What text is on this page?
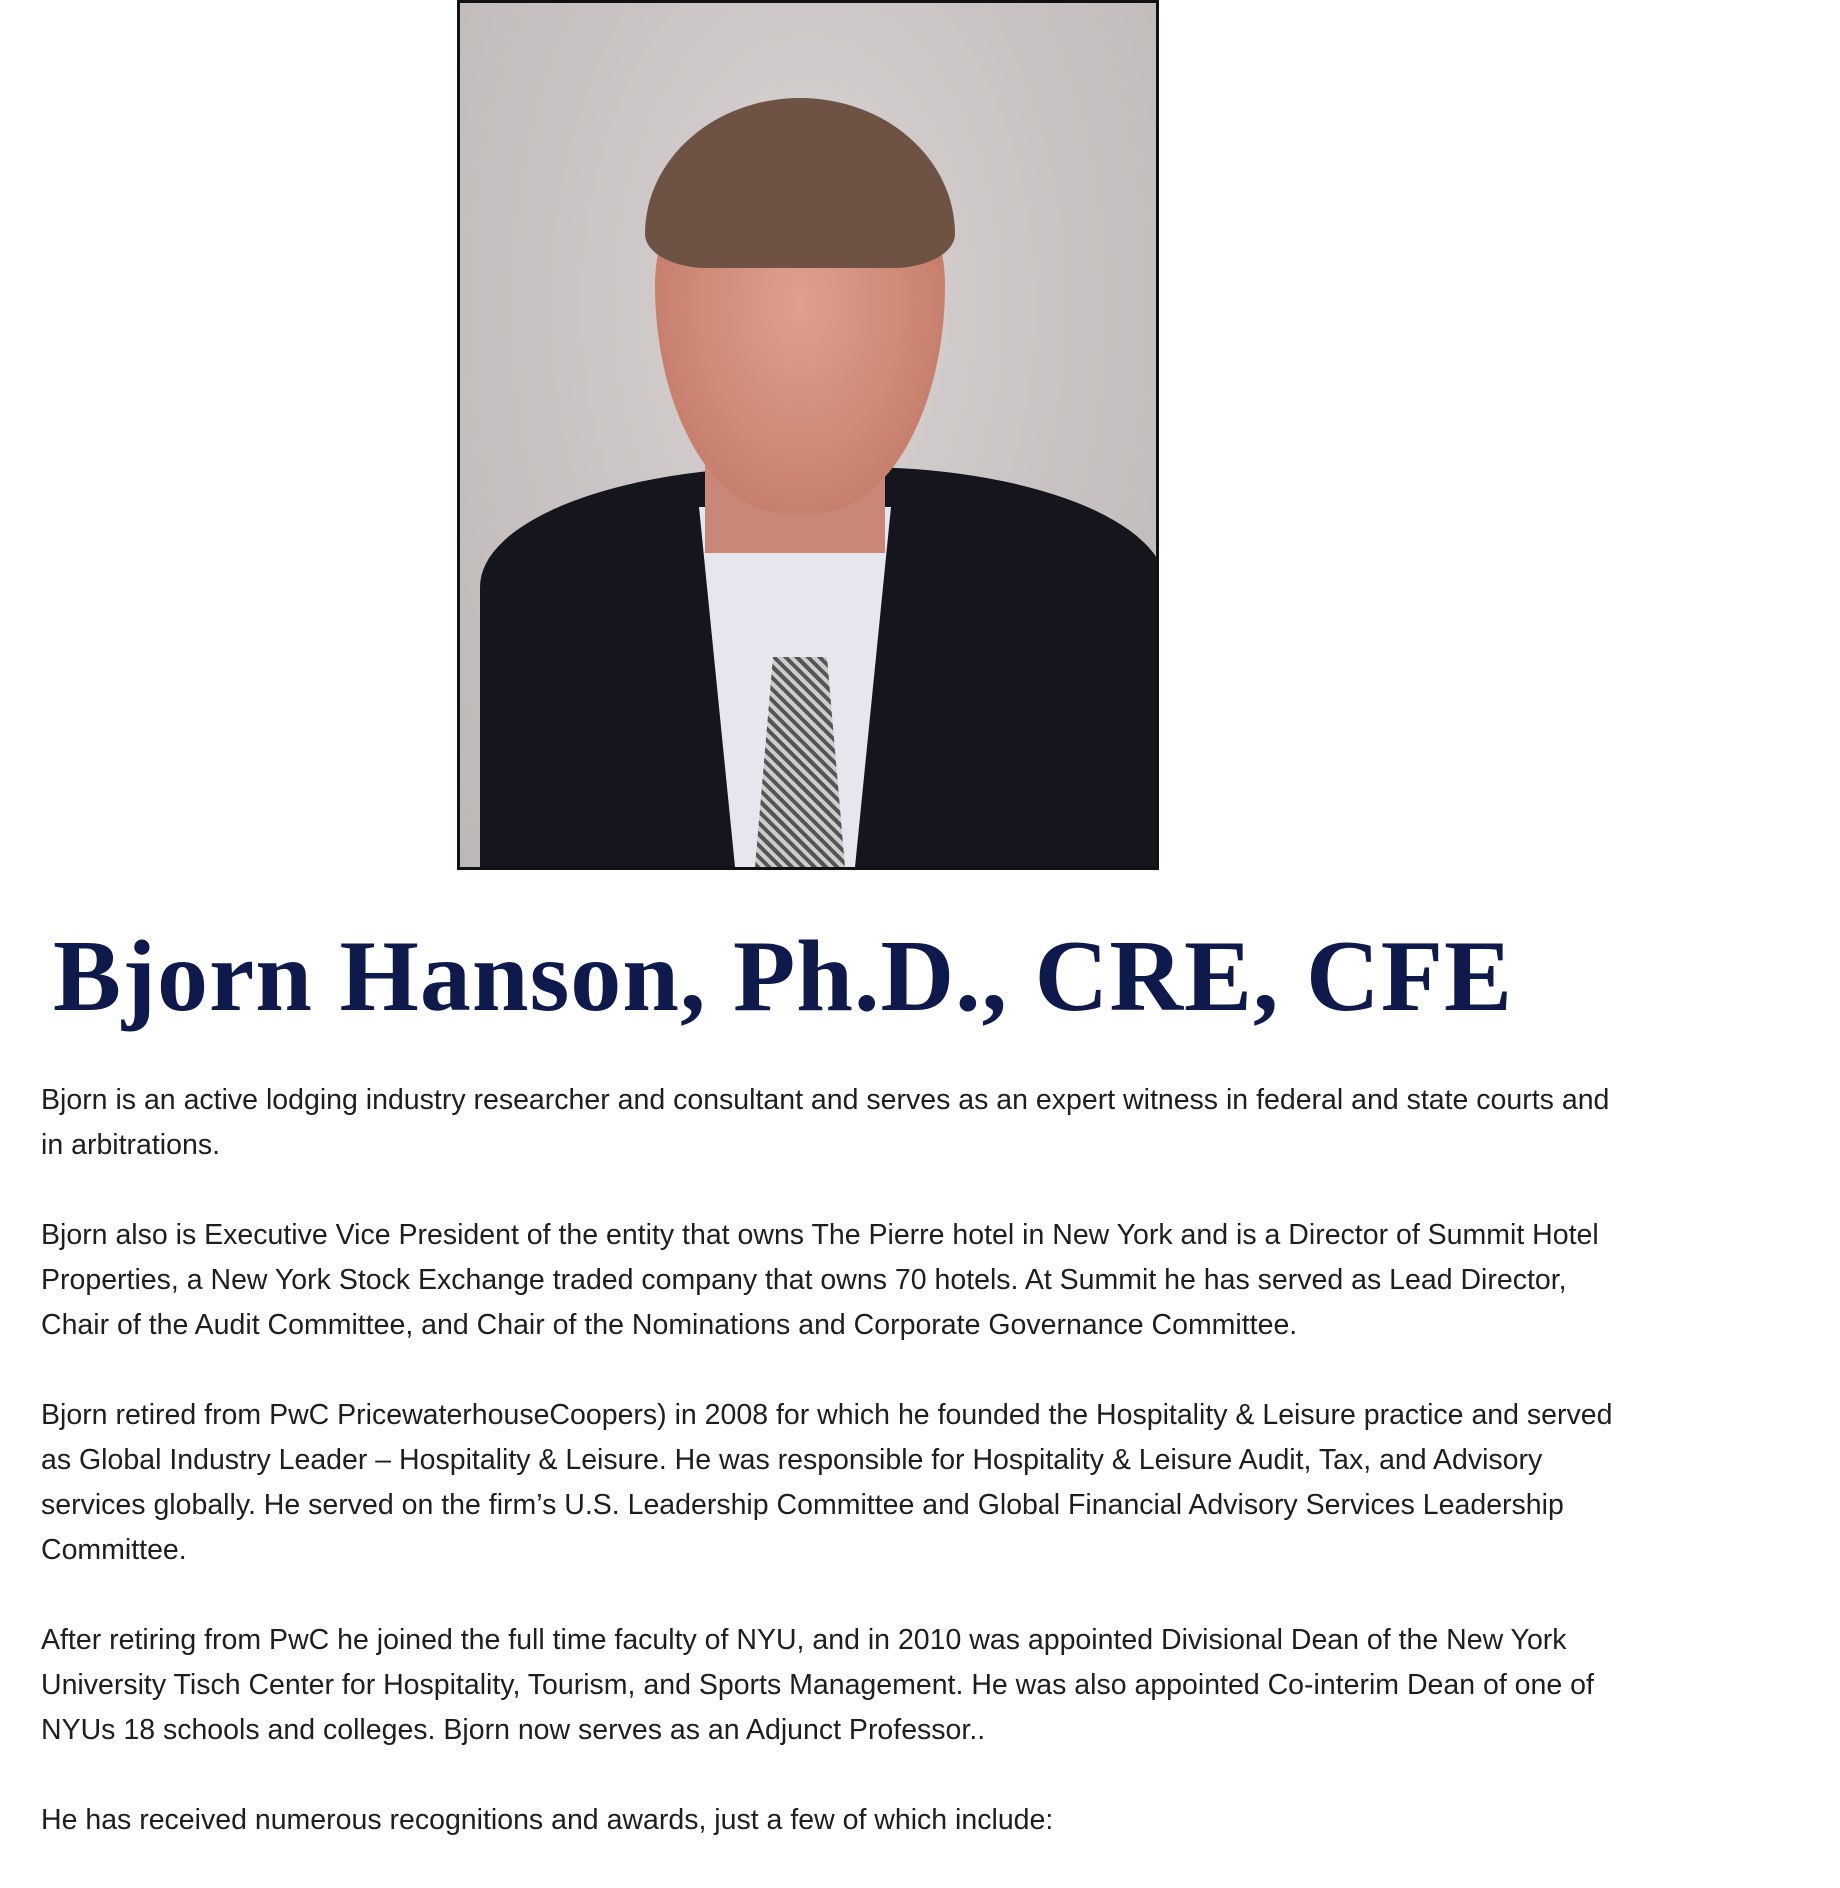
Bjorn Hanson, Ph.D., CRE, CFE

Bjorn is an active lodging industry researcher and consultant and serves as an expert witness in federal and state courts and
in arbitrations.

Bjorn also is Executive Vice President of the entity that owns The Pierre hotel in New York and is a Director of Summit Hotel
Properties, a New York Stock Exchange traded company that owns 70 hotels. At Summit he has served as Lead Director,
Chair of the Audit Committee, and Chair of the Nominations and Corporate Governance Committee.

Bjorn retired from PwC PricewaterhouseCoopers) in 2008 for which he founded the Hospitality & Leisure practice and served
as Global Industry Leader – Hospitality & Leisure. He was responsible for Hospitality & Leisure Audit, Tax, and Advisory
services globally. He served on the firm’s U.S. Leadership Committee and Global Financial Advisory Services Leadership
Committee.

After retiring from PwC he joined the full time faculty of NYU, and in 2010 was appointed Divisional Dean of the New York
University Tisch Center for Hospitality, Tourism, and Sports Management. He was also appointed Co-interim Dean of one of
NYUs 18 schools and colleges. Bjorn now serves as an Adjunct Professor..

He has received numerous recognitions and awards, just a few of which include:
